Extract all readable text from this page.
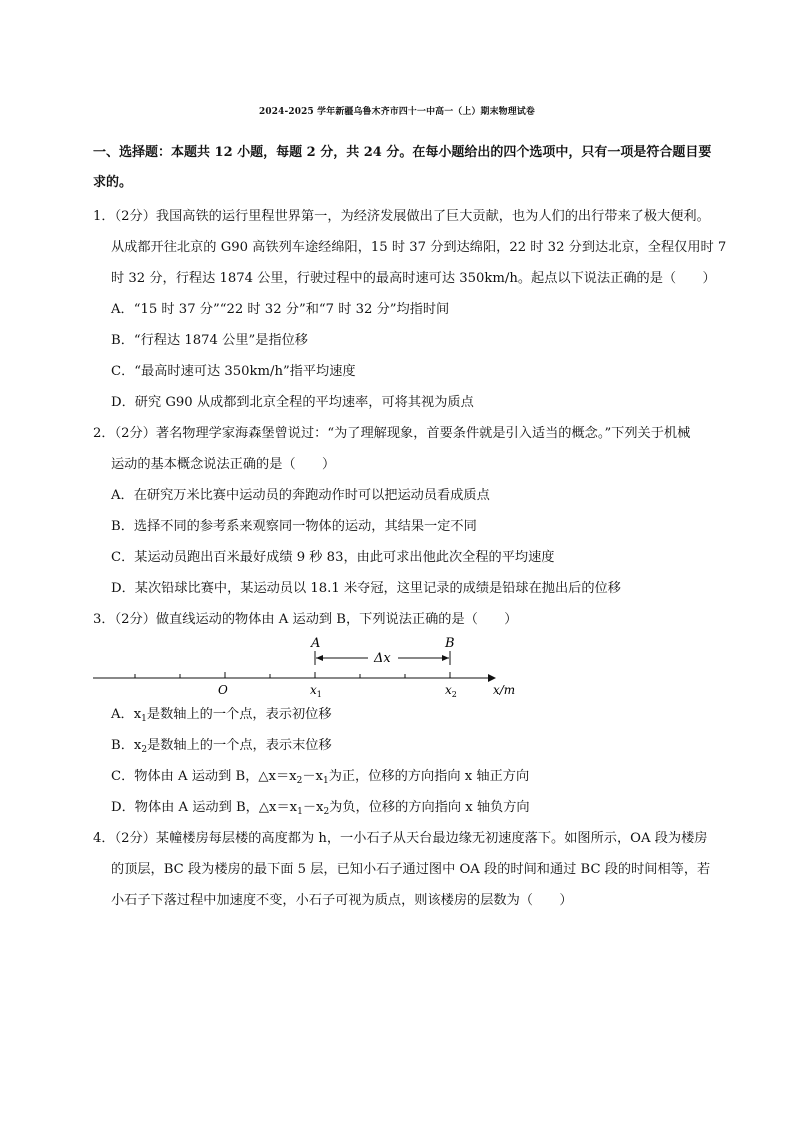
2024-2025 学年新疆乌鲁木齐市四十一中高一（上）期末物理试卷
一、选择题：本题共 12 小题，每题 2 分，共 24 分。在每小题给出的四个选项中，只有一项是符合题目要
求的。
1．（2分）我国高铁的运行里程世界第一，为经济发展做出了巨大贡献，也为人们的出行带来了极大便利。
从成都开往北京的 G90 高铁列车途经绵阳，15 时 37 分到达绵阳，22 时 32 分到达北京，全程仅用时 7
时 32 分，行程达 1874 公里，行驶过程中的最高时速可达 350km/h。起点以下说法正确的是（　　）
A．“15 时 37 分”“22 时 32 分”和“7 时 32 分”均指时间
B．“行程达 1874 公里”是指位移
C．“最高时速可达 350km/h”指平均速度
D．研究 G90 从成都到北京全程的平均速率，可将其视为质点
2．（2分）著名物理学家海森堡曾说过：“为了理解现象，首要条件就是引入适当的概念。”下列关于机械
运动的基本概念说法正确的是（　　）
A．在研究万米比赛中运动员的奔跑动作时可以把运动员看成质点
B．选择不同的参考系来观察同一物体的运动，其结果一定不同
C．某运动员跑出百米最好成绩 9 秒 83，由此可求出他此次全程的平均速度
D．某次铅球比赛中，某运动员以 18.1 米夺冠，这里记录的成绩是铅球在抛出后的位移
3．（2分）做直线运动的物体由 A 运动到 B，下列说法正确的是（　　）
A	B
Δx
O	$x_1$	$x_2$	x/m
A．$x_1$是数轴上的一个点，表示初位移
B．$x_2$是数轴上的一个点，表示末位移
C．物体由 A 运动到 B，$\triangle x=x_2-x_1$为正，位移的方向指向 x 轴正方向
D．物体由 A 运动到 B，$\triangle x=x_1-x_2$为负，位移的方向指向 x 轴负方向
4．（2分）某幢楼房每层楼的高度都为 h，一小石子从天台最边缘无初速度落下。如图所示，OA 段为楼房
的顶层，BC 段为楼房的最下面 5 层，已知小石子通过图中 OA 段的时间和通过 BC 段的时间相等，若
小石子下落过程中加速度不变，小石子可视为质点，则该楼房的层数为（　　）
